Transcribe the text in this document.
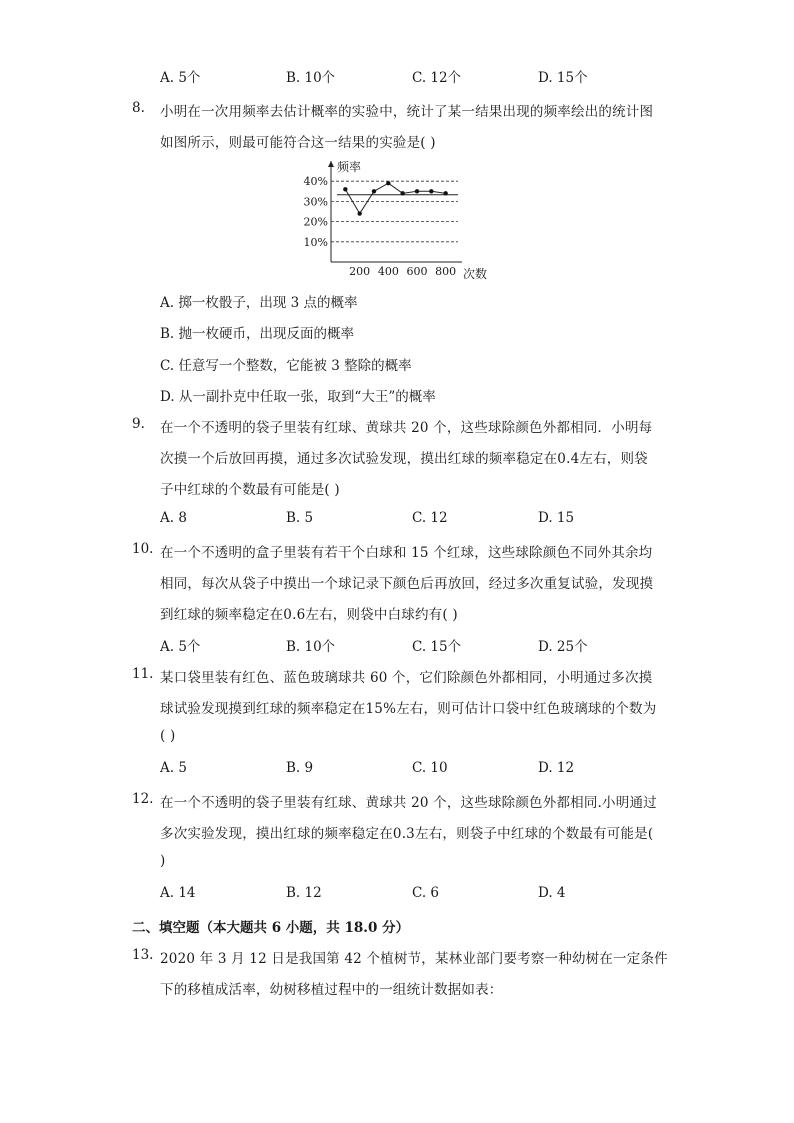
A. 5个	B. 10个	C. 12个	D. 15个
8. 小明在一次用频率去估计概率的实验中，统计了某一结果出现的频率绘出的统计图
如图所示，则最可能符合这一结果的实验是( )
10%
20%
30%
40%
200 400 600 800
频率
次数
A. 掷一枚骰子，出现 3 点的概率
B. 抛一枚硬币，出现反面的概率
C. 任意写一个整数，它能被 3 整除的概率
D. 从一副扑克中任取一张，取到“大王”的概率
9. 在一个不透明的袋子里装有红球、黄球共 20 个，这些球除颜色外都相同．小明每
次摸一个后放回再摸，通过多次试验发现，摸出红球的频率稳定在0.4左右，则袋
子中红球的个数最有可能是( )
A. 8	B. 5	C. 12	D. 15
10. 在一个不透明的盒子里装有若干个白球和 15 个红球，这些球除颜色不同外其余均
相同，每次从袋子中摸出一个球记录下颜色后再放回，经过多次重复试验，发现摸
到红球的频率稳定在0.6左右，则袋中白球约有( )
A. 5个	B. 10个	C. 15个	D. 25个
11. 某口袋里装有红色、蓝色玻璃球共 60 个，它们除颜色外都相同，小明通过多次摸
球试验发现摸到红球的频率稳定在15%左右，则可估计口袋中红色玻璃球的个数为
( )
A. 5	B. 9	C. 10	D. 12
12. 在一个不透明的袋子里装有红球、黄球共 20 个，这些球除颜色外都相同.小明通过
多次实验发现，摸出红球的频率稳定在0.3左右，则袋子中红球的个数最有可能是(
)
A. 14	B. 12	C. 6	D. 4
二、填空题（本大题共 6 小题，共 18.0 分）
13. 2020 年 3 月 12 日是我国第 42 个植树节，某林业部门要考察一种幼树在一定条件
下的移植成活率，幼树移植过程中的一组统计数据如表：
